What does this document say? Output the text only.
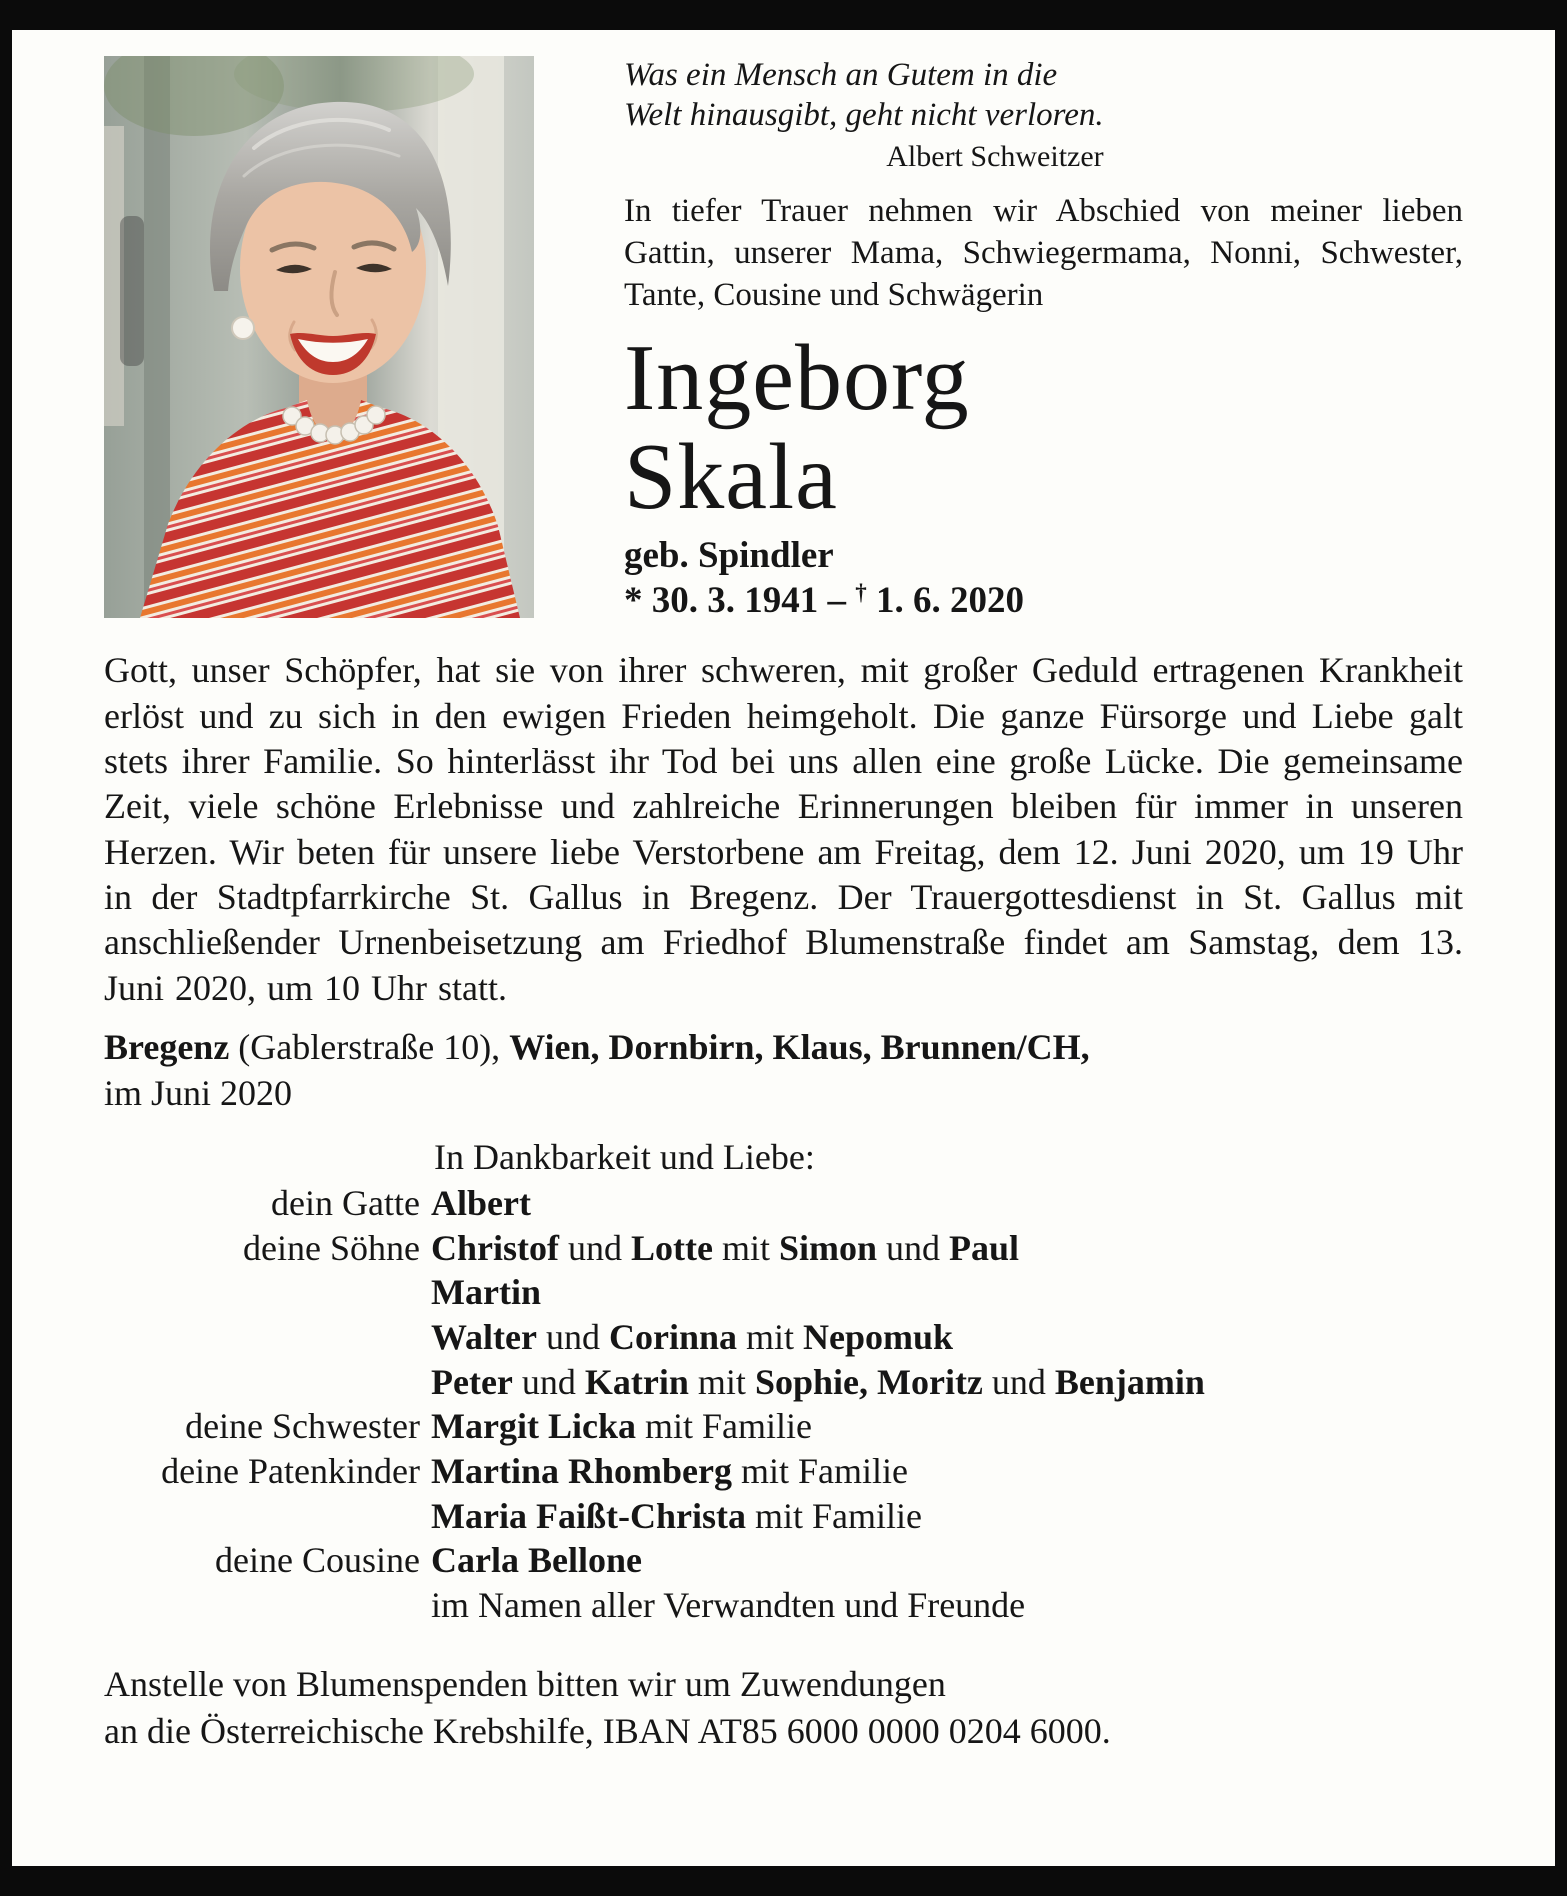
Was ein Mensch an Gutem in die
Welt hinausgibt, geht nicht verloren.
Albert Schweitzer

In tiefer Trauer nehmen wir Abschied von meiner lieben Gattin, unserer Mama, Schwiegermama, Nonni, Schwester, Tante, Cousine und Schwägerin

Ingeborg
Skala
geb. Spindler
* 30. 3. 1941 – † 1. 6. 2020

Gott, unser Schöpfer, hat sie von ihrer schweren, mit großer Geduld ertragenen Krankheit erlöst und zu sich in den ewigen Frieden heimgeholt. Die ganze Fürsorge und Liebe galt stets ihrer Familie. So hinterlässt ihr Tod bei uns allen eine große Lücke. Die gemeinsame Zeit, viele schöne Erlebnisse und zahlreiche Erinnerungen bleiben für immer in unseren Herzen. Wir beten für unsere liebe Verstorbene am Freitag, dem 12. Juni 2020, um 19 Uhr in der Stadtpfarrkirche St. Gallus in Bregenz. Der Trauergottesdienst in St. Gallus mit anschließender Urnenbeisetzung am Friedhof Blumenstraße findet am Samstag, dem 13. Juni 2020, um 10 Uhr statt.

Bregenz (Gablerstraße 10), Wien, Dornbirn, Klaus, Brunnen/CH,
im Juni 2020

In Dankbarkeit und Liebe:
dein Gatte Albert
deine Söhne Christof und Lotte mit Simon und Paul
Martin
Walter und Corinna mit Nepomuk
Peter und Katrin mit Sophie, Moritz und Benjamin
deine Schwester Margit Licka mit Familie
deine Patenkinder Martina Rhomberg mit Familie
Maria Faißt-Christa mit Familie
deine Cousine Carla Bellone
im Namen aller Verwandten und Freunde

Anstelle von Blumenspenden bitten wir um Zuwendungen
an die Österreichische Krebshilfe, IBAN AT85 6000 0000 0204 6000.
